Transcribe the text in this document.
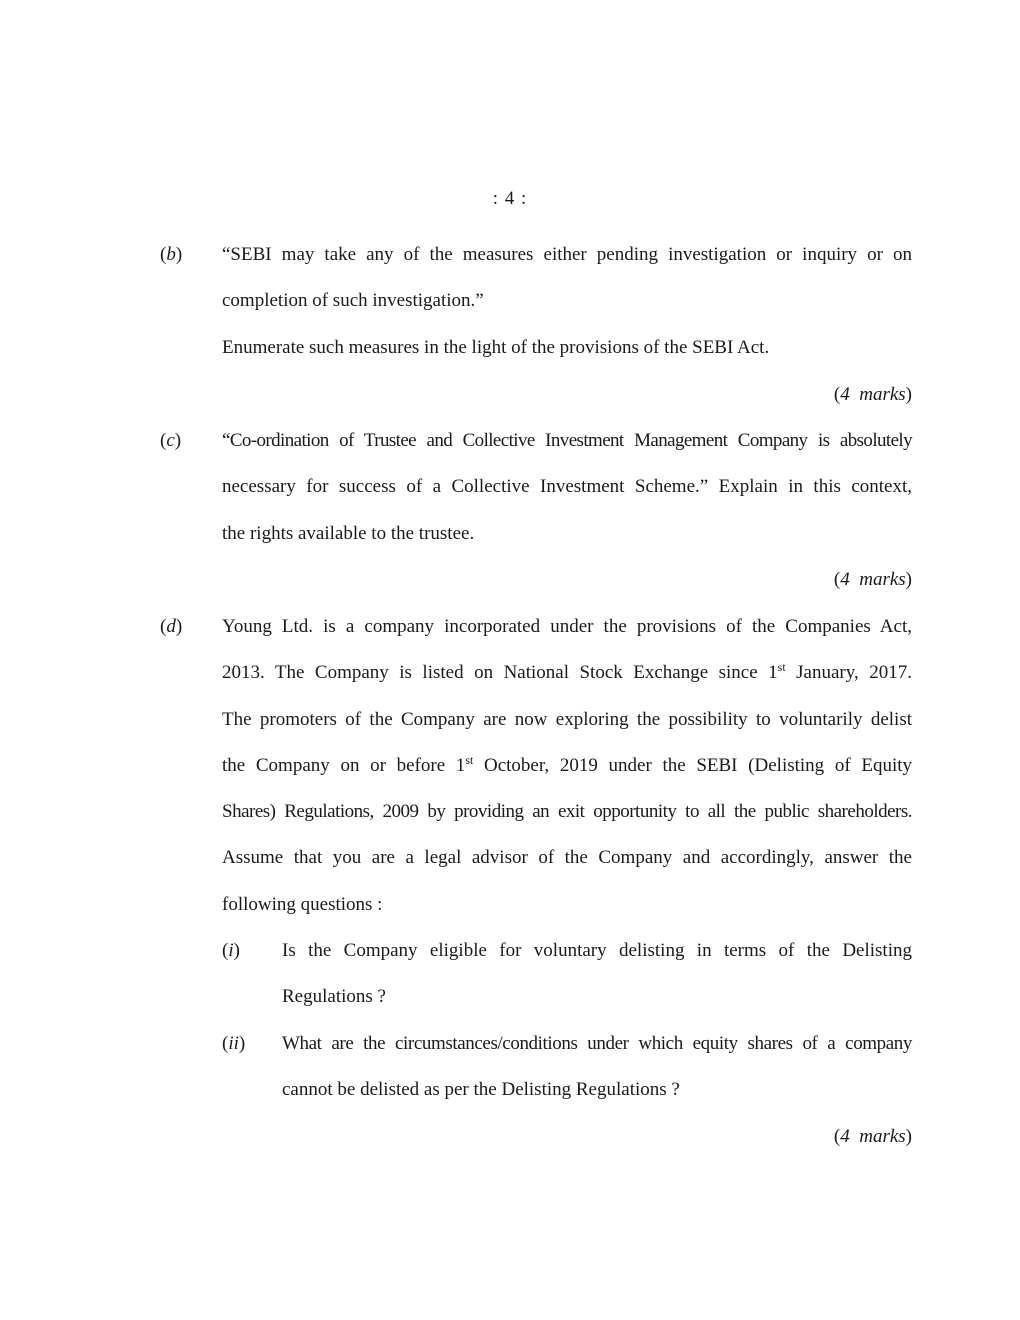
: 4 :
(b) “SEBI may take any of the measures either pending investigation or inquiry or on
completion of such investigation.”
Enumerate such measures in the light of the provisions of the SEBI Act.
(4 marks)
(c) “Co-ordination of Trustee and Collective Investment Management Company is absolutely
necessary for success of a Collective Investment Scheme.” Explain in this context,
the rights available to the trustee.
(4 marks)
(d) Young Ltd. is a company incorporated under the provisions of the Companies Act,
2013. The Company is listed on National Stock Exchange since 1st January, 2017.
The promoters of the Company are now exploring the possibility to voluntarily delist
the Company on or before 1st October, 2019 under the SEBI (Delisting of Equity
Shares) Regulations, 2009 by providing an exit opportunity to all the public shareholders.
Assume that you are a legal advisor of the Company and accordingly, answer the
following questions :
(i) Is the Company eligible for voluntary delisting in terms of the Delisting
Regulations ?
(ii) What are the circumstances/conditions under which equity shares of a company
cannot be delisted as per the Delisting Regulations ?
(4 marks)
